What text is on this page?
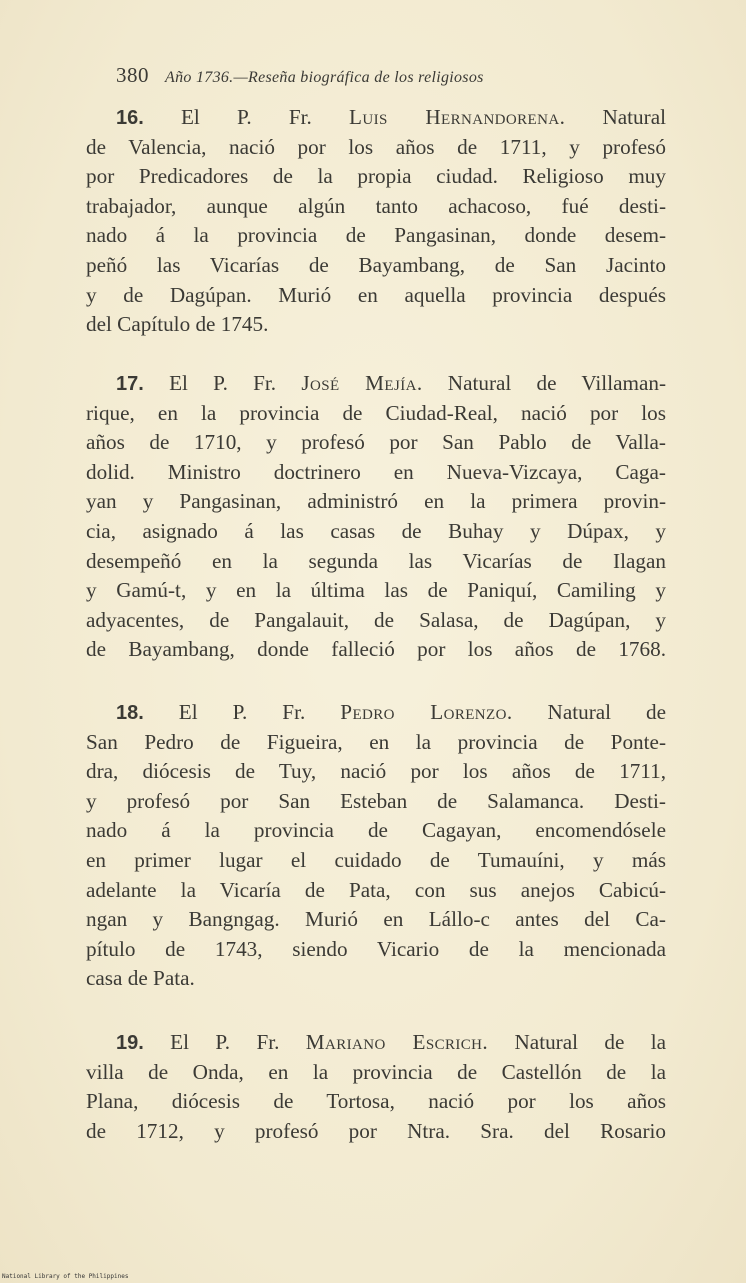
380 Año 1736.—Reseña biográfica de los religiosos
16. El P. Fr. Luis Hernandorena. Natural
de Valencia, nació por los años de 1711, y profesó
por Predicadores de la propia ciudad. Religioso muy
trabajador, aunque algún tanto achacoso, fué desti-
nado á la provincia de Pangasinan, donde desem-
peñó las Vicarías de Bayambang, de San Jacinto
y de Dagúpan. Murió en aquella provincia después
del Capítulo de 1745.
17. El P. Fr. José Mejía. Natural de Villaman-
rique, en la provincia de Ciudad-Real, nació por los
años de 1710, y profesó por San Pablo de Valla-
dolid. Ministro doctrinero en Nueva-Vizcaya, Caga-
yan y Pangasinan, administró en la primera provin-
cia, asignado á las casas de Buhay y Dúpax, y
desempeñó en la segunda las Vicarías de Ilagan
y Gamú-t, y en la última las de Paniquí, Camiling y
adyacentes, de Pangalauit, de Salasa, de Dagúpan, y
de Bayambang, donde falleció por los años de 1768.
18. El P. Fr. Pedro Lorenzo. Natural de
San Pedro de Figueira, en la provincia de Ponte-
dra, diócesis de Tuy, nació por los años de 1711,
y profesó por San Esteban de Salamanca. Desti-
nado á la provincia de Cagayan, encomendósele
en primer lugar el cuidado de Tumauíni, y más
adelante la Vicaría de Pata, con sus anejos Cabicú-
ngan y Bangngag. Murió en Lállo-c antes del Ca-
pítulo de 1743, siendo Vicario de la mencionada
casa de Pata.
19. El P. Fr. Mariano Escrich. Natural de la
villa de Onda, en la provincia de Castellón de la
Plana, diócesis de Tortosa, nació por los años
de 1712, y profesó por Ntra. Sra. del Rosario
National Library of the Philippines
